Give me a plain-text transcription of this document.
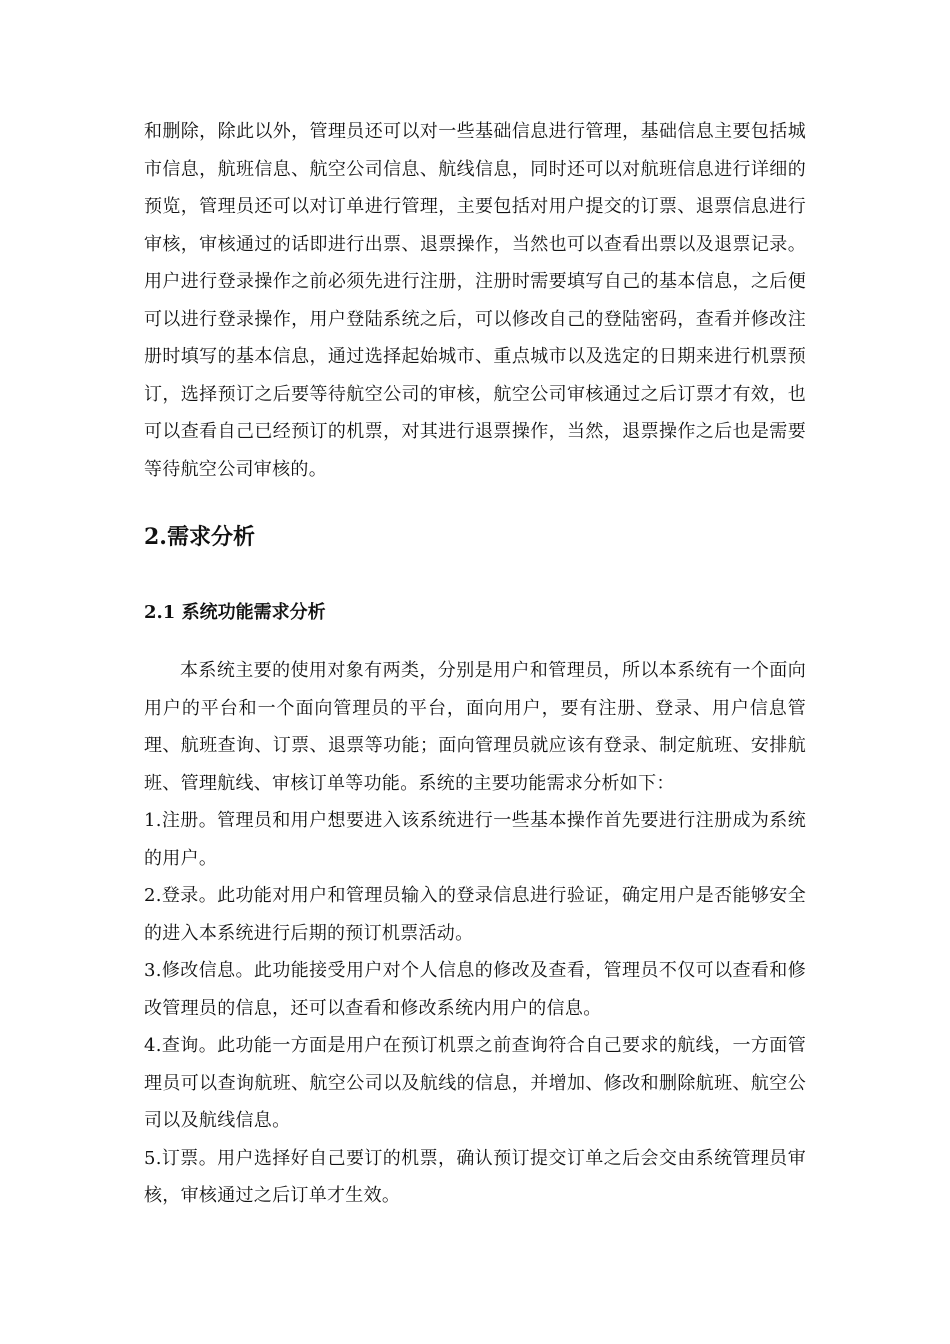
和删除，除此以外，管理员还可以对一些基础信息进行管理，基础信息主要包括城市信息，航班信息、航空公司信息、航线信息，同时还可以对航班信息进行详细的预览，管理员还可以对订单进行管理，主要包括对用户提交的订票、退票信息进行审核，审核通过的话即进行出票、退票操作，当然也可以查看出票以及退票记录。用户进行登录操作之前必须先进行注册，注册时需要填写自己的基本信息，之后便可以进行登录操作，用户登陆系统之后，可以修改自己的登陆密码，查看并修改注册时填写的基本信息，通过选择起始城市、重点城市以及选定的日期来进行机票预订，选择预订之后要等待航空公司的审核，航空公司审核通过之后订票才有效，也可以查看自己已经预订的机票，对其进行退票操作，当然，退票操作之后也是需要等待航空公司审核的。

2.需求分析
2.1 系统功能需求分析

本系统主要的使用对象有两类，分别是用户和管理员，所以本系统有一个面向用户的平台和一个面向管理员的平台，面向用户，要有注册、登录、用户信息管理、航班查询、订票、退票等功能；面向管理员就应该有登录、制定航班、安排航班、管理航线、审核订单等功能。系统的主要功能需求分析如下：

1.注册。管理员和用户想要进入该系统进行一些基本操作首先要进行注册成为系统的用户。

2.登录。此功能对用户和管理员输入的登录信息进行验证，确定用户是否能够安全的进入本系统进行后期的预订机票活动。

3.修改信息。此功能接受用户对个人信息的修改及查看，管理员不仅可以查看和修改管理员的信息，还可以查看和修改系统内用户的信息。

4.查询。此功能一方面是用户在预订机票之前查询符合自己要求的航线，一方面管理员可以查询航班、航空公司以及航线的信息，并增加、修改和删除航班、航空公司以及航线信息。

5.订票。用户选择好自己要订的机票，确认预订提交订单之后会交由系统管理员审核，审核通过之后订单才生效。
